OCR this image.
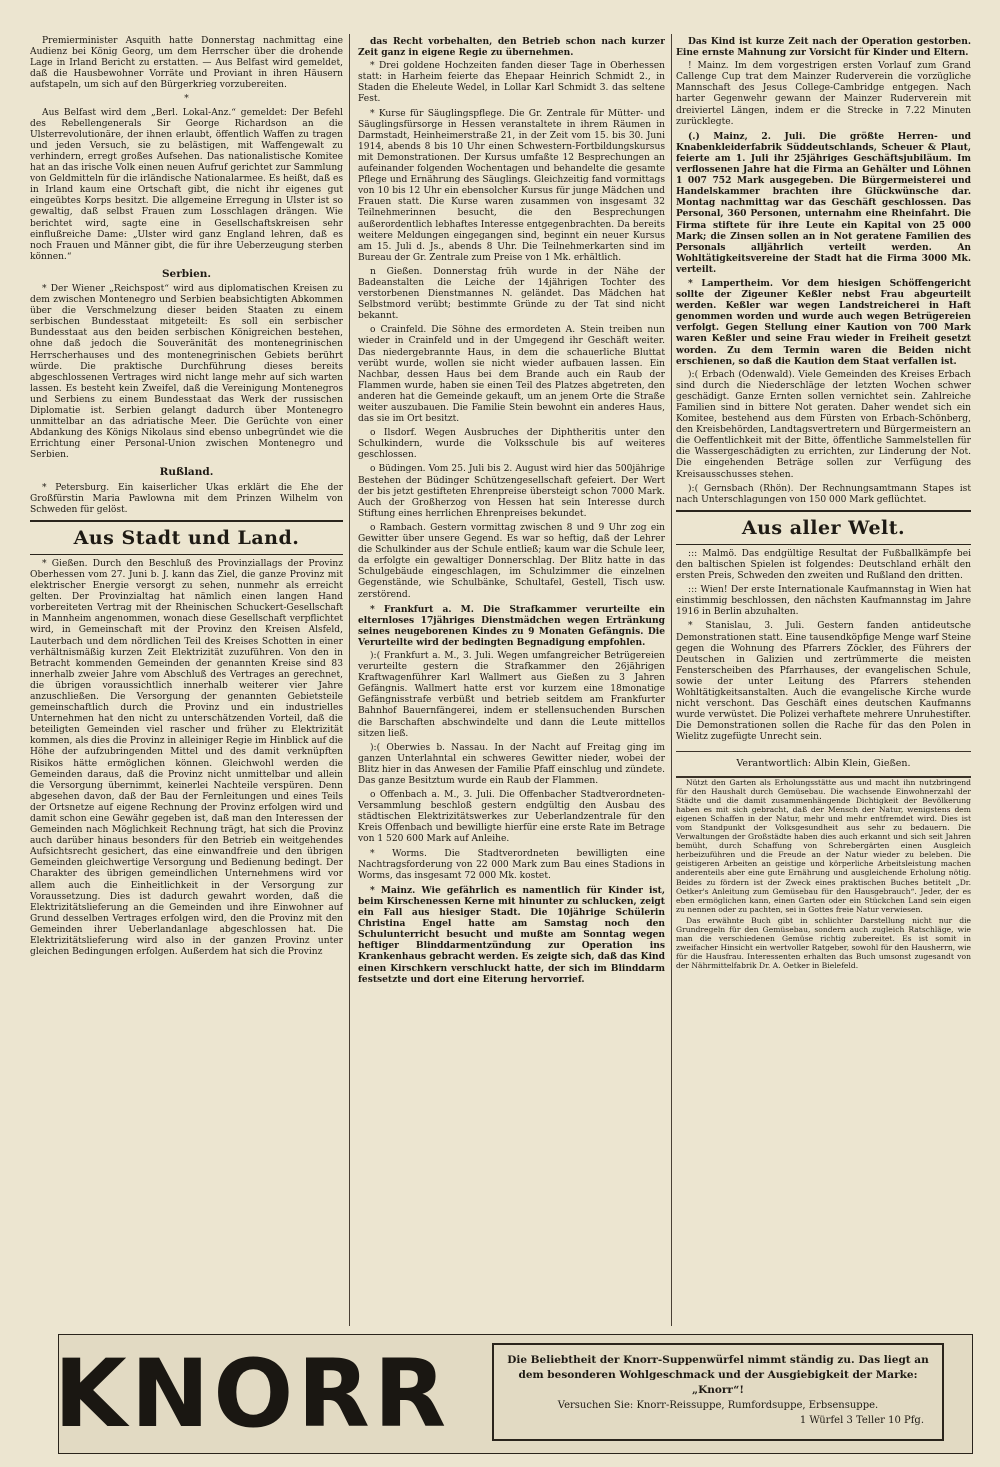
Premierminister Asquith hatte Donnerstag nachmittag eine Audienz bei König Georg, um dem Herrscher über die drohende Lage in Irland Bericht zu erstatten. — Aus Belfast wird gemeldet, daß die Hausbewohner Vorräte und Proviant in ihren Häusern aufstapeln, um sich auf den Bürgerkrieg vorzubereiten.

*

Aus Belfast wird dem „Berl. Lokal-Anz.“ gemeldet: Der Befehl des Rebellengenerals Sir George Richardson an die Ulsterrevolutionäre, der ihnen erlaubt, öffentlich Waffen zu tragen und jeden Versuch, sie zu belästigen, mit Waffengewalt zu verhindern, erregt großes Aufsehen. Das nationalistische Komitee hat an das irische Volk einen neuen Aufruf gerichtet zur Sammlung von Geldmitteln für die irländische Nationalarmee. Es heißt, daß es in Irland kaum eine Ortschaft gibt, die nicht ihr eigenes gut eingeübtes Korps besitzt. Die allgemeine Erregung in Ulster ist so gewaltig, daß selbst Frauen zum Losschlagen drängen. Wie berichtet wird, sagte eine in Gesellschaftskreisen sehr einflußreiche Dame: „Ulster wird ganz England lehren, daß es noch Frauen und Männer gibt, die für ihre Ueberzeugung sterben können.“

Serbien.

* Der Wiener „Reichspost“ wird aus diplomatischen Kreisen zu dem zwischen Montenegro und Serbien beabsichtigten Abkommen über die Verschmelzung dieser beiden Staaten zu einem serbischen Bundesstaat mitgeteilt: Es soll ein serbischer Bundesstaat aus den beiden serbischen Königreichen bestehen, ohne daß jedoch die Souveränität des montenegrinischen Herrscherhauses und des montenegrinischen Gebiets berührt würde. Die praktische Durchführung dieses bereits abgeschlossenen Vertrages wird nicht lange mehr auf sich warten lassen. Es besteht kein Zweifel, daß die Vereinigung Montenegros und Serbiens zu einem Bundesstaat das Werk der russischen Diplomatie ist. Serbien gelangt dadurch über Montenegro unmittelbar an das adriatische Meer. Die Gerüchte von einer Abdankung des Königs Nikolaus sind ebenso unbegründet wie die Errichtung einer Personal-Union zwischen Montenegro und Serbien.

Rußland.

* Petersburg. Ein kaiserlicher Ukas erklärt die Ehe der Großfürstin Maria Pawlowna mit dem Prinzen Wilhelm von Schweden für gelöst.

Aus Stadt und Land.

* Gießen. Durch den Beschluß des Provinziallags der Provinz Oberhessen vom 27. Juni b. J. kann das Ziel, die ganze Provinz mit elektrischer Energie versorgt zu sehen, nunmehr als erreicht gelten. Der Provinzialtag hat nämlich einen langen Hand vorbereiteten Vertrag mit der Rheinischen Schuckert-Gesellschaft in Mannheim angenommen, wonach diese Gesellschaft verpflichtet wird, in Gemeinschaft mit der Provinz den Kreisen Alsfeld, Lauterbach und dem nördlichen Teil des Kreises Schotten in einer verhältnismäßig kurzen Zeit Elektrizität zuzuführen. Von den in Betracht kommenden Gemeinden der genannten Kreise sind 83 innerhalb zweier Jahre vom Abschluß des Vertrages an gerechnet, die übrigen voraussichtlich innerhalb weiterer vier Jahre anzuschließen. Die Versorgung der genannten Gebietsteile gemeinschaftlich durch die Provinz und ein industrielles Unternehmen hat den nicht zu unterschätzenden Vorteil, daß die beteiligten Gemeinden viel rascher und früher zu Elektrizität kommen, als dies die Provinz in alleiniger Regie im Hinblick auf die Höhe der aufzubringenden Mittel und des damit verknüpften Risikos hätte ermöglichen können. Gleichwohl werden die Gemeinden daraus, daß die Provinz nicht unmittelbar und allein die Versorgung übernimmt, keinerlei Nachteile verspüren. Denn abgesehen davon, daß der Bau der Fernleitungen und eines Teils der Ortsnetze auf eigene Rechnung der Provinz erfolgen wird und damit schon eine Gewähr gegeben ist, daß man den Interessen der Gemeinden nach Möglichkeit Rechnung trägt, hat sich die Provinz auch darüber hinaus besonders für den Betrieb ein weitgehendes Aufsichtsrecht gesichert, das eine einwandfreie und den übrigen Gemeinden gleichwertige Versorgung und Bedienung bedingt. Der Charakter des übrigen gemeindlichen Unternehmens wird vor allem auch die Einheitlichkeit in der Versorgung zur Voraussetzung. Dies ist dadurch gewahrt worden, daß die Elektrizitätslieferung an die Gemeinden und ihre Einwohner auf Grund desselben Vertrages erfolgen wird, den die Provinz mit den Gemeinden ihrer Ueberlandanlage abgeschlossen hat. Die Elektrizitätslieferung wird also in der ganzen Provinz unter gleichen Bedingungen erfolgen. Außerdem hat sich die Provinz

das Recht vorbehalten, den Betrieb schon nach kurzer Zeit ganz in eigene Regie zu übernehmen.

* Drei goldene Hochzeiten fanden dieser Tage in Oberhessen statt: in Harheim feierte das Ehepaar Heinrich Schmidt 2., in Staden die Eheleute Wedel, in Lollar Karl Schmidt 3. das seltene Fest.

* Kurse für Säuglingspflege. Die Gr. Zentrale für Mütter- und Säuglingsfürsorge in Hessen veranstaltete in ihrem Räumen in Darmstadt, Heinheimerstraße 21, in der Zeit vom 15. bis 30. Juni 1914, abends 8 bis 10 Uhr einen Schwestern-Fortbildungskursus mit Demonstrationen. Der Kursus umfaßte 12 Besprechungen an aufeinander folgenden Wochentagen und behandelte die gesamte Pflege und Ernährung des Säuglings. Gleichzeitig fand vormittags von 10 bis 12 Uhr ein ebensolcher Kursus für junge Mädchen und Frauen statt. Die Kurse waren zusammen von insgesamt 32 Teilnehmerinnen besucht, die den Besprechungen außerordentlich lebhaftes Interesse entgegenbrachten. Da bereits weitere Meldungen eingegangen sind, beginnt ein neuer Kursus am 15. Juli d. Js., abends 8 Uhr. Die Teilnehmerkarten sind im Bureau der Gr. Zentrale zum Preise von 1 Mk. erhältlich.

n Gießen. Donnerstag früh wurde in der Nähe der Badeanstalten die Leiche der 14jährigen Tochter des verstorbenen Dienstmannes N. geländet. Das Mädchen hat Selbstmord verübt; bestimmte Gründe zu der Tat sind nicht bekannt.

o Crainfeld. Die Söhne des ermordeten A. Stein treiben nun wieder in Crainfeld und in der Umgegend ihr Geschäft weiter. Das niedergebrannte Haus, in dem die schauerliche Bluttat verübt wurde, wollen sie nicht wieder aufbauen lassen. Ein Nachbar, dessen Haus bei dem Brande auch ein Raub der Flammen wurde, haben sie einen Teil des Platzes abgetreten, den anderen hat die Gemeinde gekauft, um an jenem Orte die Straße weiter auszubauen. Die Familie Stein bewohnt ein anderes Haus, das sie im Ort besitzt.

o Ilsdorf. Wegen Ausbruches der Diphtheritis unter den Schulkindern, wurde die Volksschule bis auf weiteres geschlossen.

o Büdingen. Vom 25. Juli bis 2. August wird hier das 500jährige Bestehen der Büdinger Schützengesellschaft gefeiert. Der Wert der bis jetzt gestifteten Ehrenpreise übersteigt schon 7000 Mark. Auch der Großherzog von Hessen hat sein Interesse durch Stiftung eines herrlichen Ehrenpreises bekundet.

o Rambach. Gestern vormittag zwischen 8 und 9 Uhr zog ein Gewitter über unsere Gegend. Es war so heftig, daß der Lehrer die Schulkinder aus der Schule entließ; kaum war die Schule leer, da erfolgte ein gewaltiger Donnerschlag. Der Blitz hatte in das Schulgebäude eingeschlagen, im Schulzimmer die einzelnen Gegenstände, wie Schulbänke, Schultafel, Gestell, Tisch usw. zerstörend.

* Frankfurt a. M. Die Strafkammer verurteilte ein elternloses 17jähriges Dienstmädchen wegen Ertränkung seines neugeborenen Kindes zu 9 Monaten Gefängnis. Die Verurteilte wird der bedingten Begnadigung empfohlen.

):( Frankfurt a. M., 3. Juli. Wegen umfangreicher Betrügereien verurteilte gestern die Strafkammer den 26jährigen Kraftwagenführer Karl Wallmert aus Gießen zu 3 Jahren Gefängnis. Wallmert hatte erst vor kurzem eine 18monatige Gefängnisstrafe verbüßt und betrieb seitdem am Frankfurter Bahnhof Bauernfängerei, indem er stellensuchenden Burschen die Barschaften abschwindelte und dann die Leute mittellos sitzen ließ.

):( Oberwies b. Nassau. In der Nacht auf Freitag ging im ganzen Unterlahntal ein schweres Gewitter nieder, wobei der Blitz hier in das Anwesen der Familie Pfaff einschlug und zündete. Das ganze Besitztum wurde ein Raub der Flammen.

o Offenbach a. M., 3. Juli. Die Offenbacher Stadtverordneten-Versammlung beschloß gestern endgültig den Ausbau des städtischen Elektrizitätswerkes zur Ueberlandzentrale für den Kreis Offenbach und bewilligte hierfür eine erste Rate im Betrage von 1 520 600 Mark auf Anleihe.

* Worms. Die Stadtverordneten bewilligten eine Nachtragsforderung von 22 000 Mark zum Bau eines Stadions in Worms, das insgesamt 72 000 Mk. kostet.

* Mainz. Wie gefährlich es namentlich für Kinder ist, beim Kirschenessen Kerne mit hinunter zu schlucken, zeigt ein Fall aus hiesiger Stadt. Die 10jährige Schülerin Christina Engel hatte am Samstag noch den Schulunterricht besucht und mußte am Sonntag wegen heftiger Blinddarmentzündung zur Operation ins Krankenhaus gebracht werden. Es zeigte sich, daß das Kind einen Kirschkern verschluckt hatte, der sich im Blinddarm festsetzte und dort eine Eiterung hervorrief.

Das Kind ist kurze Zeit nach der Operation gestorben. Eine ernste Mahnung zur Vorsicht für Kinder und Eltern.

! Mainz. Im dem vorgestrigen ersten Vorlauf zum Grand Callenge Cup trat dem Mainzer Ruderverein die vorzügliche Mannschaft des Jesus College-Cambridge entgegen. Nach harter Gegenwehr gewann der Mainzer Ruderverein mit dreiviertel Längen, indem er die Strecke in 7.22 Minuten zurücklegte.

(.) Mainz, 2. Juli. Die größte Herren- und Knabenkleiderfabrik Süddeutschlands, Scheuer & Plaut, feierte am 1. Juli ihr 25jähriges Geschäftsjubiläum. Im verflossenen Jahre hat die Firma an Gehälter und Löhnen 1 007 752 Mark ausgegeben. Die Bürgermeisterei und Handelskammer brachten ihre Glückwünsche dar. Montag nachmittag war das Geschäft geschlossen. Das Personal, 360 Personen, unternahm eine Rheinfahrt. Die Firma stiftete für ihre Leute ein Kapital von 25 000 Mark; die Zinsen sollen an in Not geratene Familien des Personals alljährlich verteilt werden. An Wohltätigkeitsvereine der Stadt hat die Firma 3000 Mk. verteilt.

* Lampertheim. Vor dem hiesigen Schöffengericht sollte der Zigeuner Keßler nebst Frau abgeurteilt werden. Keßler war wegen Landstreicherei in Haft genommen worden und wurde auch wegen Betrügereien verfolgt. Gegen Stellung einer Kaution von 700 Mark waren Keßler und seine Frau wieder in Freiheit gesetzt worden. Zu dem Termin waren die Beiden nicht erschienen, so daß die Kaution dem Staat verfallen ist.

):( Erbach (Odenwald). Viele Gemeinden des Kreises Erbach sind durch die Niederschläge der letzten Wochen schwer geschädigt. Ganze Ernten sollen vernichtet sein. Zahlreiche Familien sind in bittere Not geraten. Daher wendet sich ein Komitee, bestehend aus dem Fürsten von Erbach-Schönberg, den Kreisbehörden, Landtagsvertretern und Bürgermeistern an die Oeffentlichkeit mit der Bitte, öffentliche Sammelstellen für die Wassergeschädigten zu errichten, zur Linderung der Not. Die eingehenden Beträge sollen zur Verfügung des Kreisausschusses stehen.

):( Gernsbach (Rhön). Der Rechnungsamtmann Stapes ist nach Unterschlagungen von 150 000 Mark geflüchtet.

Aus aller Welt.

::: Malmö. Das endgültige Resultat der Fußballkämpfe bei den baltischen Spielen ist folgendes: Deutschland erhält den ersten Preis, Schweden den zweiten und Rußland den dritten.

::: Wien! Der erste Internationale Kaufmannstag in Wien hat einstimmig beschlossen, den nächsten Kaufmannstag im Jahre 1916 in Berlin abzuhalten.

* Stanislau, 3. Juli. Gestern fanden antideutsche Demonstrationen statt. Eine tausendköpfige Menge warf Steine gegen die Wohnung des Pfarrers Zöckler, des Führers der Deutschen in Galizien und zertrümmerte die meisten Fensterscheiben des Pfarrhauses, der evangelischen Schule, sowie der unter Leitung des Pfarrers stehenden Wohltätigkeitsanstalten. Auch die evangelische Kirche wurde nicht verschont. Das Geschäft eines deutschen Kaufmanns wurde verwüstet. Die Polizei verhaftete mehrere Unruhestifter. Die Demonstrationen sollen die Rache für das den Polen in Wielitz zugefügte Unrecht sein.

Verantwortlich: Albin Klein, Gießen.

Nützt den Garten als Erholungsstätte aus und macht ihn nutzbringend für den Haushalt durch Gemüsebau. Die wachsende Einwohnerzahl der Städte und die damit zusammenhängende Dichtigkeit der Bevölkerung haben es mit sich gebracht, daß der Mensch der Natur, wenigstens dem eigenen Schaffen in der Natur, mehr und mehr entfremdet wird. Dies ist vom Standpunkt der Volksgesundheit aus sehr zu bedauern. Die Verwaltungen der Großstädte haben dies auch erkannt und sich seit Jahren bemüht, durch Schaffung von Schrebergärten einen Ausgleich herbeizuführen und die Freude an der Natur wieder zu beleben. Die geistigeren Arbeiten an geistige und körperliche Arbeitsleistung machen anderenteils aber eine gute Ernährung und ausgleichende Erholung nötig. Beides zu fördern ist der Zweck eines praktischen Buches betitelt „Dr. Oetker's Anleitung zum Gemüsebau für den Hausgebrauch“. Jeder, der es eben ermöglichen kann, einen Garten oder ein Stückchen Land sein eigen zu nennen oder zu pachten, sei in Gottes freie Natur verwiesen.

Das erwähnte Buch gibt in schlichter Darstellung nicht nur die Grundregeln für den Gemüsebau, sondern auch zugleich Ratschläge, wie man die verschiedenen Gemüse richtig zubereitet. Es ist somit in zweifacher Hinsicht ein wertvoller Ratgeber, sowohl für den Hausherrn, wie für die Hausfrau. Interessenten erhalten das Buch umsonst zugesandt von der Nährmittelfabrik Dr. A. Oetker in Bielefeld.

KNORR	Die Beliebtheit der Knorr-Suppenwürfel nimmt ständig zu. Das liegt an dem besonderen Wohlgeschmack und der Ausgiebigkeit der Marke: „Knorr“!
Versuchen Sie: Knorr-Reissuppe, Rumfordsuppe, Erbsensuppe.
1 Würfel 3 Teller 10 Pfg.
